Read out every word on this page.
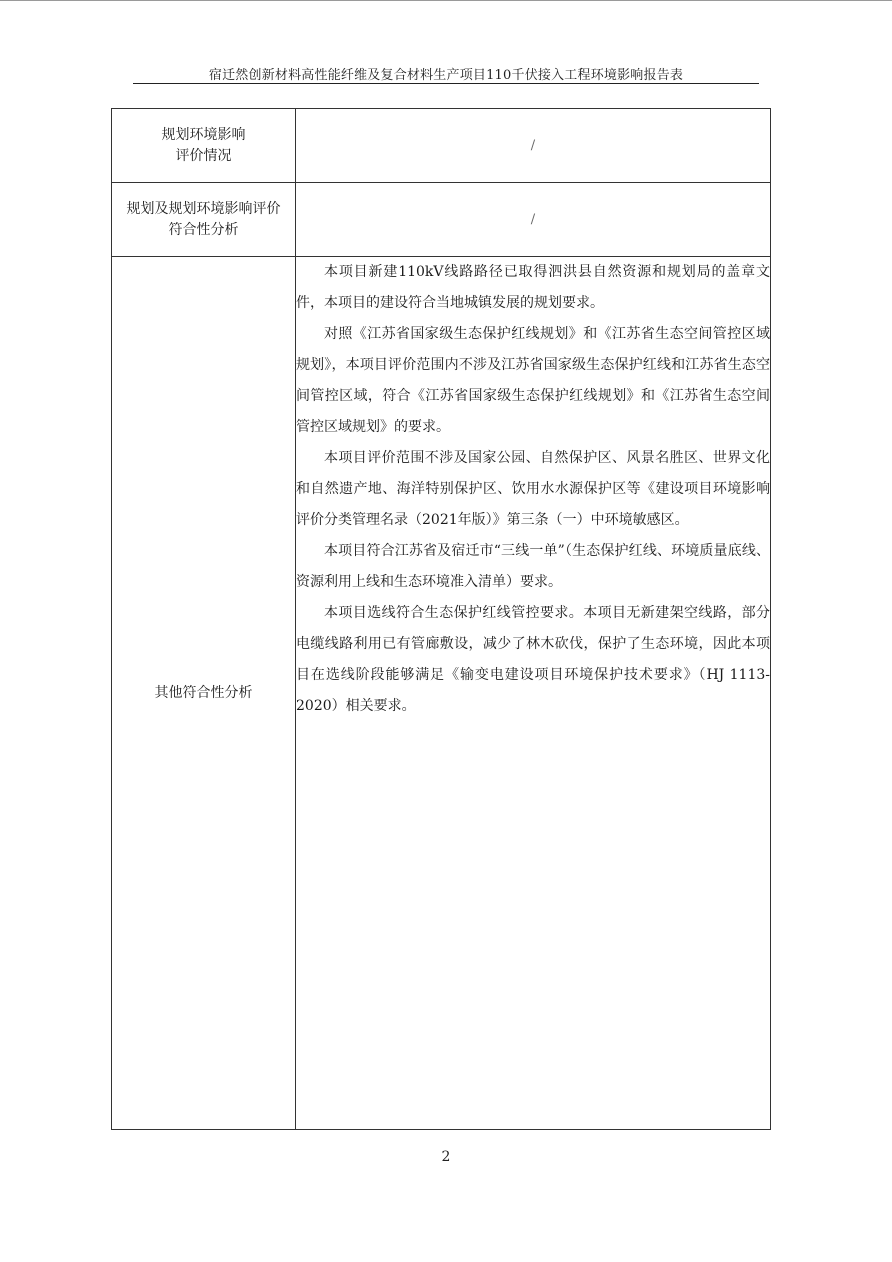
宿迁然创新材料高性能纤维及复合材料生产项目110千伏接入工程环境影响报告表
规划环境影响
评价情况	/

规划及规划环境影响评价
符合性分析	/
其他符合性分析	本项目新建110kV线路路径已取得泗洪县自然资源和规划局的盖章文件，本项目的建设符合当地城镇发展的规划要求。

对照《江苏省国家级生态保护红线规划》和《江苏省生态空间管控区域规划》，本项目评价范围内不涉及江苏省国家级生态保护红线和江苏省生态空间管控区域，符合《江苏省国家级生态保护红线规划》和《江苏省生态空间管控区域规划》的要求。

本项目评价范围不涉及国家公园、自然保护区、风景名胜区、世界文化和自然遗产地、海洋特别保护区、饮用水水源保护区等《建设项目环境影响评价分类管理名录（2021年版）》第三条（一）中环境敏感区。

本项目符合江苏省及宿迁市“三线一单”（生态保护红线、环境质量底线、资源利用上线和生态环境准入清单）要求。

本项目选线符合生态保护红线管控要求。本项目无新建架空线路，部分电缆线路利用已有管廊敷设，减少了林木砍伐，保护了生态环境，因此本项目在选线阶段能够满足《输变电建设项目环境保护技术要求》（HJ 1113-2020）相关要求。

2
